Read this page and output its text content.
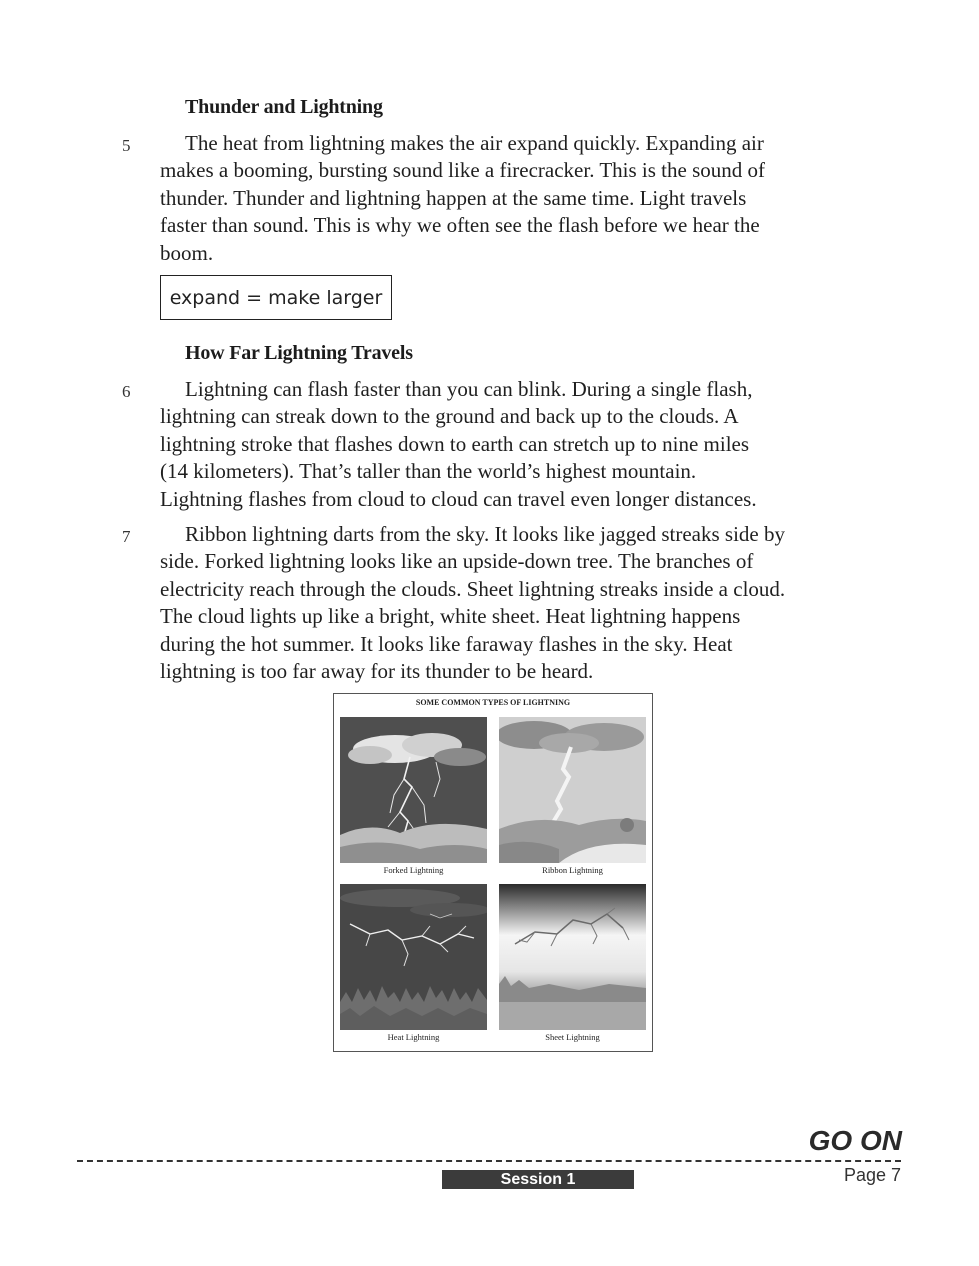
Thunder and Lightning
5	The heat from lightning makes the air expand quickly. Expanding air
makes a booming, bursting sound like a firecracker. This is the sound of
thunder. Thunder and lightning happen at the same time. Light travels
faster than sound. This is why we often see the flash before we hear the
boom.
expand = make larger
How Far Lightning Travels
6	Lightning can flash faster than you can blink. During a single flash,
lightning can streak down to the ground and back up to the clouds. A
lightning stroke that flashes down to earth can stretch up to nine miles
(14 kilometers). That’s taller than the world’s highest mountain.
Lightning flashes from cloud to cloud can travel even longer distances.
7	Ribbon lightning darts from the sky. It looks like jagged streaks side by
side. Forked lightning looks like an upside-down tree. The branches of
electricity reach through the clouds. Sheet lightning streaks inside a cloud.
The cloud lights up like a bright, white sheet. Heat lightning happens
during the hot summer. It looks like faraway flashes in the sky. Heat
lightning is too far away for its thunder to be heard.
SOME COMMON TYPES OF LIGHTNING
Forked Lightning	Ribbon Lightning
Heat Lightning	Sheet Lightning
GO ON
Session 1	Page 7
